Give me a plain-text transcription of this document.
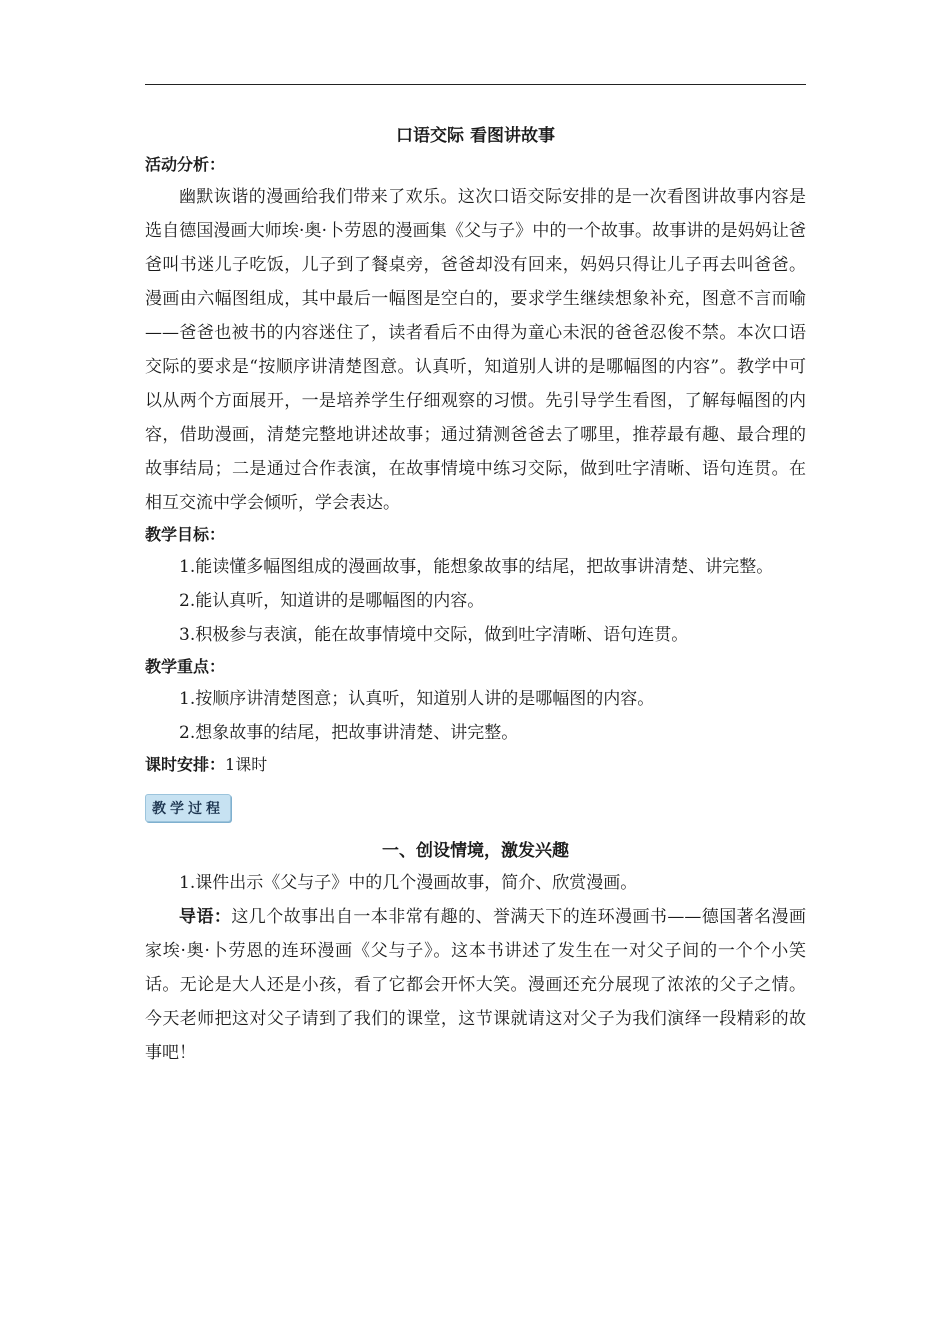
口语交际 看图讲故事
活动分析：

幽默诙谐的漫画给我们带来了欢乐。这次口语交际安排的是一次看图讲故事内容是选自德国漫画大师埃·奥·卜劳恩的漫画集《父与子》中的一个故事。故事讲的是妈妈让爸爸叫书迷儿子吃饭，儿子到了餐桌旁，爸爸却没有回来，妈妈只得让儿子再去叫爸爸。漫画由六幅图组成，其中最后一幅图是空白的，要求学生继续想象补充，图意不言而喻——爸爸也被书的内容迷住了，读者看后不由得为童心未泯的爸爸忍俊不禁。本次口语交际的要求是“按顺序讲清楚图意。认真听，知道别人讲的是哪幅图的内容”。教学中可以从两个方面展开，一是培养学生仔细观察的习惯。先引导学生看图，了解每幅图的内容，借助漫画，清楚完整地讲述故事；通过猜测爸爸去了哪里，推荐最有趣、最合理的故事结局；二是通过合作表演，在故事情境中练习交际，做到吐字清晰、语句连贯。在相互交流中学会倾听，学会表达。

教学目标：

1.能读懂多幅图组成的漫画故事，能想象故事的结尾，把故事讲清楚、讲完整。

2.能认真听，知道讲的是哪幅图的内容。

3.积极参与表演，能在故事情境中交际，做到吐字清晰、语句连贯。

教学重点：

1.按顺序讲清楚图意；认真听，知道别人讲的是哪幅图的内容。

2.想象故事的结尾，把故事讲清楚、讲完整。

课时安排：1课时
教学过程
一、创设情境，激发兴趣

1.课件出示《父与子》中的几个漫画故事，简介、欣赏漫画。

导语：这几个故事出自一本非常有趣的、誉满天下的连环漫画书——德国著名漫画家埃·奥·卜劳恩的连环漫画《父与子》。这本书讲述了发生在一对父子间的一个个小笑话。无论是大人还是小孩，看了它都会开怀大笑。漫画还充分展现了浓浓的父子之情。今天老师把这对父子请到了我们的课堂，这节课就请这对父子为我们演绎一段精彩的故事吧！
